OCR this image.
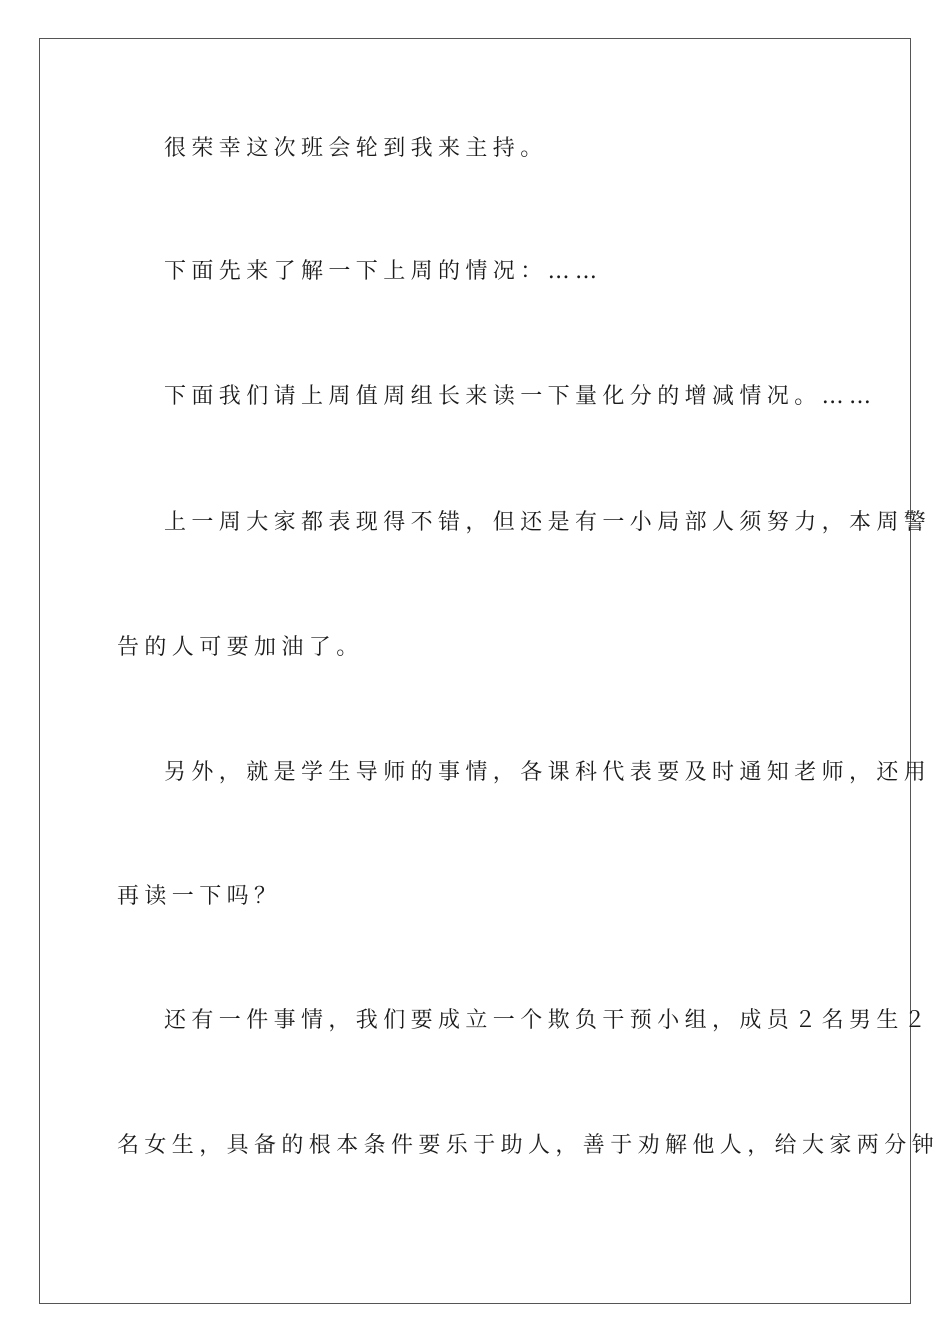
很荣幸这次班会轮到我来主持。
下面先来了解一下上周的情况：……
下面我们请上周值周组长来读一下量化分的增减情况。……
上一周大家都表现得不错，但还是有一小局部人须努力，本周警
告的人可要加油了。
另外，就是学生导师的事情，各课科代表要及时通知老师，还用
再读一下吗？
还有一件事情，我们要成立一个欺负干预小组，成员２名男生２
名女生，具备的根本条件要乐于助人，善于劝解他人，给大家两分钟
